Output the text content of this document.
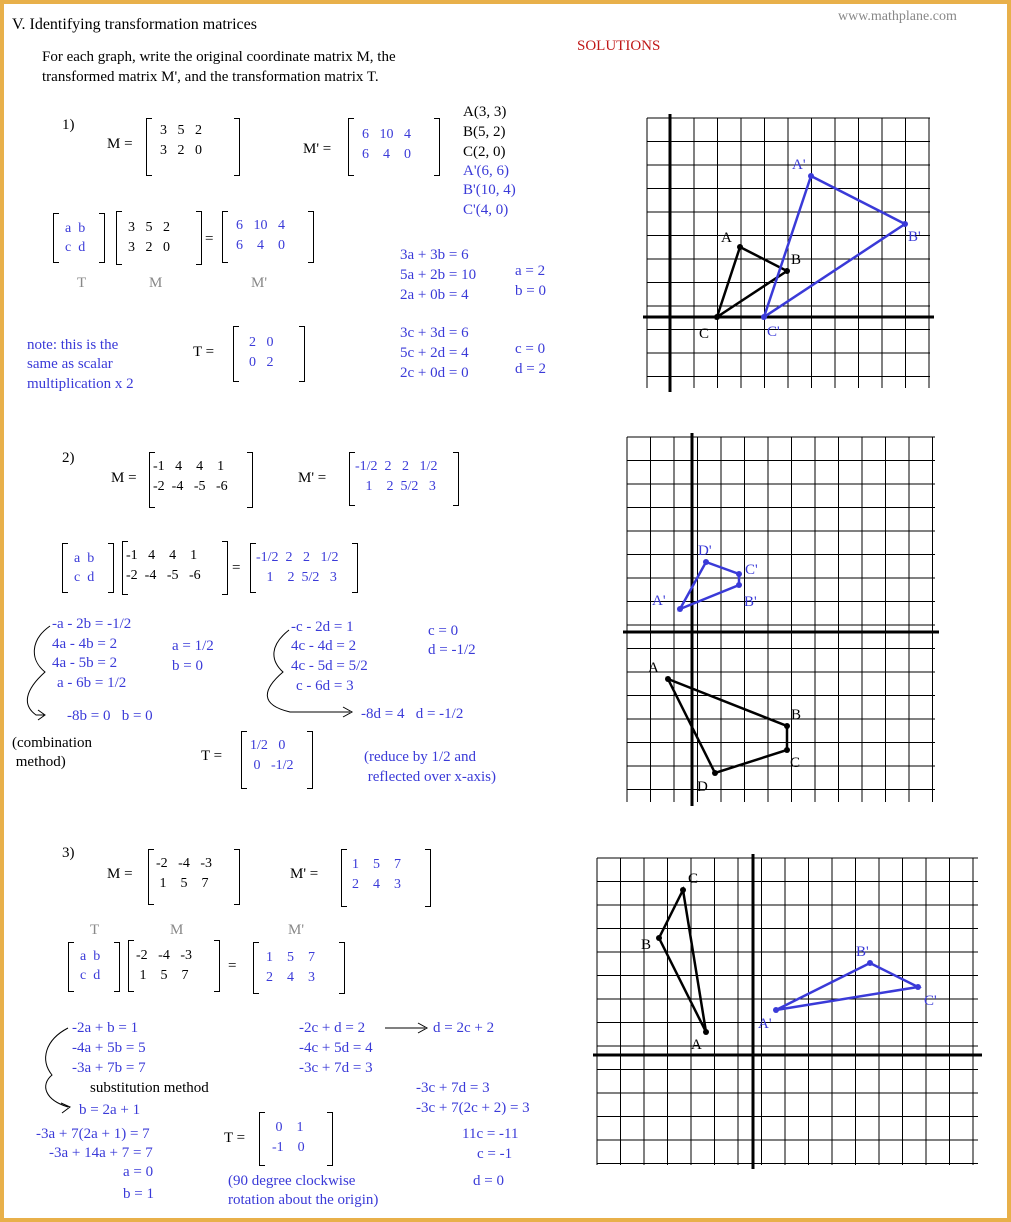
V. Identifying transformation matrices	www.mathplane.com
For each graph, write the original coordinate matrix M, the
transformed matrix M', and the transformation matrix T.
SOLUTIONS
1)
M =
3   5   2
3   2   0	M' =
6   10   4
6    4    0
A(3, 3)
B(5, 2)
C(2, 0)
A'(6, 6)
B'(10, 4)
C'(4, 0)
a  b
c  d
3   5   2
3   2   0
=
6   10   4
6    4    0
T	M	M'
3a + 3b = 6
5a + 2b = 10
2a + 0b = 4
a = 2
b = 0
note: this is the
same as scalar
multiplication x 2
T =
2   0
0   2
3c + 3d = 6
5c + 2d = 4
2c + 0d = 0
c = 0
d = 2
A
B
C
A'
B'
C'
2)
M =
-1   4    4    1
-2  -4   -5   -6
M' =
-1/2  2   2   1/2
1    2  5/2   3
a  b
c  d
-1   4    4    1
-2  -4   -5   -6 =
-1/2  2   2   1/2
1    2  5/2   3
-a - 2b = -1/2
4a - 4b = 2
4a - 5b = 2
a - 6b = 1/2
a = 1/2
b = 0
-8b = 0   b = 0
-c - 2d = 1
4c - 4d = 2
4c - 5d = 5/2
c - 6d = 3
c = 0
d = -1/2
-8d = 4   d = -1/2
(combination
method)	T =
1/2   0
0   -1/2
(reduce by 1/2 and
reflected over x-axis)
A
B
C
D
A'	B'
C'
D'
3)
M =
-2   -4   -3
1    5    7
M' =
1    5    7
2    4    3
T	M	M'
a  b
c  d
-2   -4   -3
1    5    7
=
1    5    7
2    4    3
-2a + b = 1
-4a + 5b = 5
-3a + 7b = 7
substitution method
b = 2a + 1
-3a + 7(2a + 1) = 7
-3a + 14a + 7 = 7
a = 0
b = 1
-2c + d = 2
-4c + 5d = 4
-3c + 7d = 3
d = 2c + 2
-3c + 7d = 3
-3c + 7(2c + 2) = 3
11c = -11
c = -1
d = 0
T =
0    1
-1    0
(90 degree clockwise
rotation about the origin)
A
B
C
A'
B'
C'
